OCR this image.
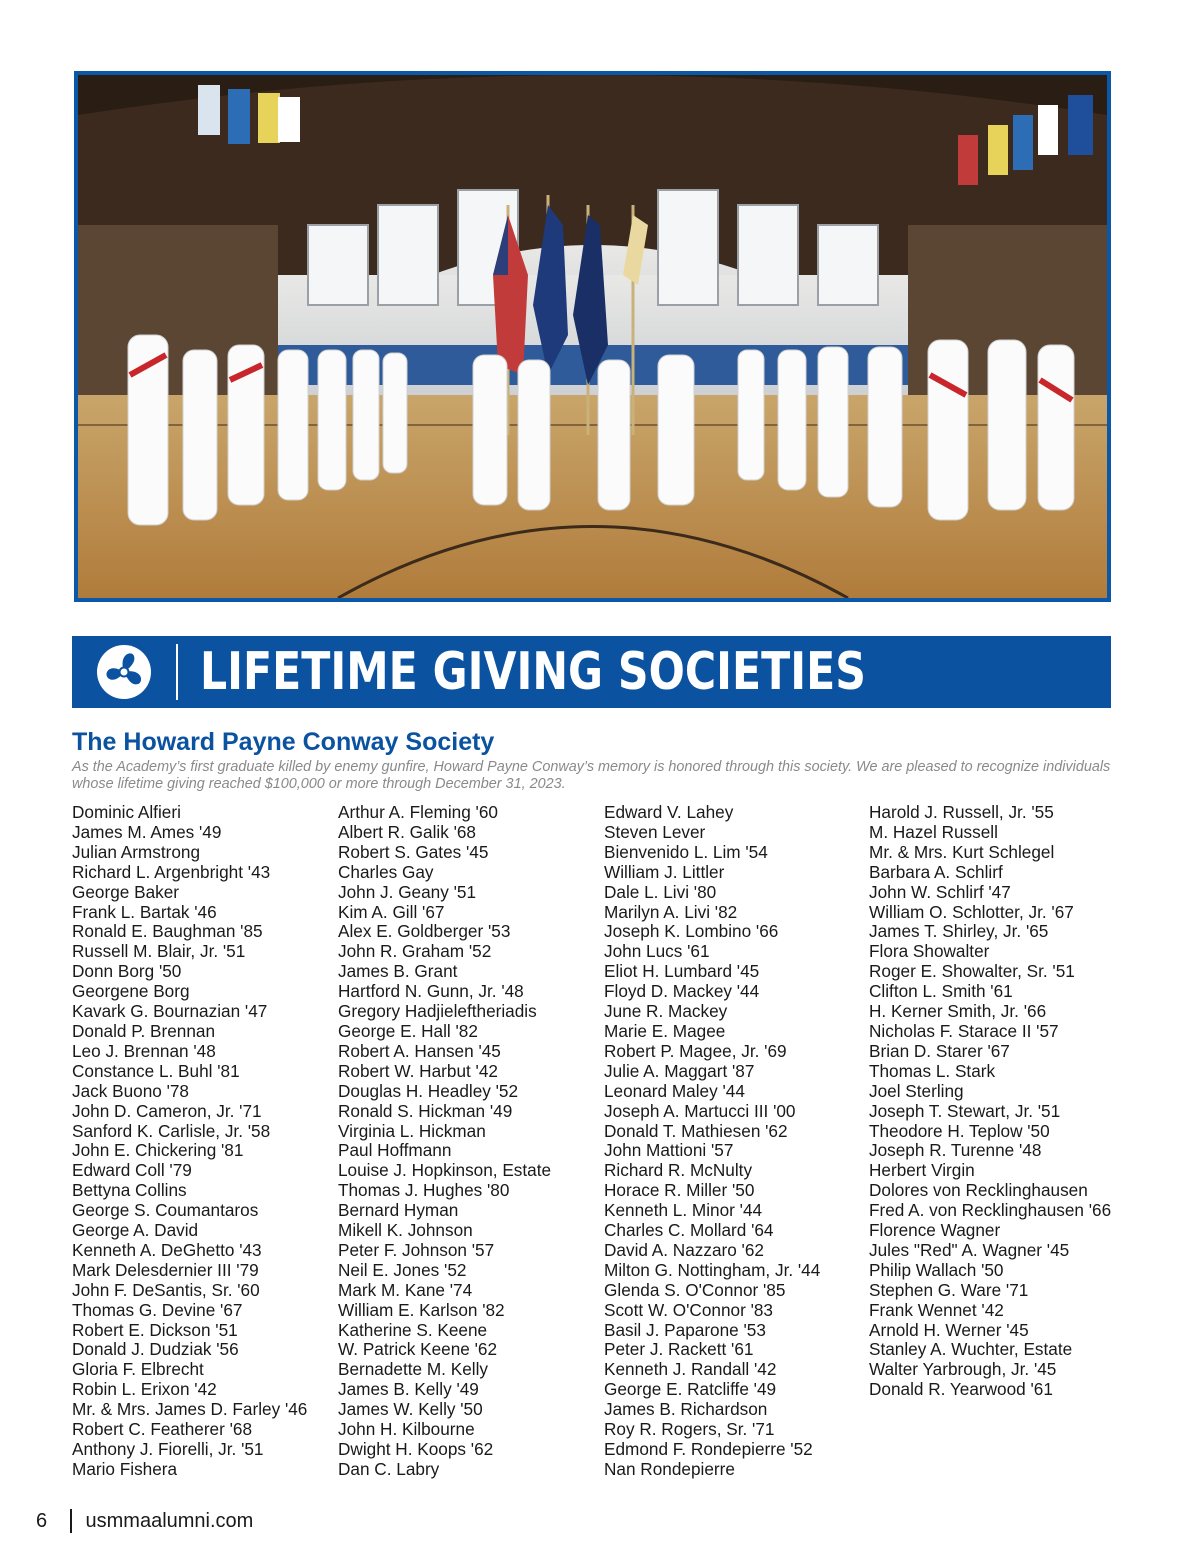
LIFETIME GIVING SOCIETIES
The Howard Payne Conway Society
As the Academy’s first graduate killed by enemy gunfire, Howard Payne Conway’s memory is honored through this society. We are pleased to recognize individuals whose lifetime giving reached $100,000 or more through December 31, 2023.
Dominic Alfieri
James M. Ames '49
Julian Armstrong
Richard L. Argenbright '43
George Baker
Frank L. Bartak '46
Ronald E. Baughman '85
Russell M. Blair, Jr. '51
Donn Borg '50
Georgene Borg
Kavark G. Bournazian '47
Donald P. Brennan
Leo J. Brennan '48
Constance L. Buhl '81
Jack Buono '78
John D. Cameron, Jr. '71
Sanford K. Carlisle, Jr. '58
John E. Chickering '81
Edward Coll '79
Bettyna Collins
George S. Coumantaros
George A. David
Kenneth A. DeGhetto '43
Mark Delesdernier III '79
John F. DeSantis, Sr. '60
Thomas G. Devine '67
Robert E. Dickson '51
Donald J. Dudziak '56
Gloria F. Elbrecht
Robin L. Erixon '42
Mr. & Mrs. James D. Farley '46
Robert C. Featherer '68
Anthony J. Fiorelli, Jr. '51
Mario Fishera
Arthur A. Fleming '60
Albert R. Galik '68
Robert S. Gates '45
Charles Gay
John J. Geany '51
Kim A. Gill '67
Alex E. Goldberger '53
John R. Graham '52
James B. Grant
Hartford N. Gunn, Jr. '48
Gregory Hadjieleftheriadis
George E. Hall '82
Robert A. Hansen '45
Robert W. Harbut '42
Douglas H. Headley '52
Ronald S. Hickman '49
Virginia L. Hickman
Paul Hoffmann
Louise J. Hopkinson, Estate
Thomas J. Hughes '80
Bernard Hyman
Mikell K. Johnson
Peter F. Johnson '57
Neil E. Jones '52
Mark M. Kane '74
William E. Karlson '82
Katherine S. Keene
W. Patrick Keene '62
Bernadette M. Kelly
James B. Kelly '49
James W. Kelly '50
John H. Kilbourne
Dwight H. Koops '62
Dan C. Labry
Edward V. Lahey
Steven Lever
Bienvenido L. Lim '54
William J. Littler
Dale L. Livi '80
Marilyn A. Livi '82
Joseph K. Lombino '66
John Lucs '61
Eliot H. Lumbard '45
Floyd D. Mackey '44
June R. Mackey
Marie E. Magee
Robert P. Magee, Jr. '69
Julie A. Maggart '87
Leonard Maley '44
Joseph A. Martucci III '00
Donald T. Mathiesen '62
John Mattioni '57
Richard R. McNulty
Horace R. Miller '50
Kenneth L. Minor '44
Charles C. Mollard '64
David A. Nazzaro '62
Milton G. Nottingham, Jr. '44
Glenda S. O'Connor '85
Scott W. O'Connor '83
Basil J. Paparone '53
Peter J. Rackett '61
Kenneth J. Randall '42
George E. Ratcliffe '49
James B. Richardson
Roy R. Rogers, Sr. '71
Edmond F. Rondepierre '52
Nan Rondepierre
Harold J. Russell, Jr. '55
M. Hazel Russell
Mr. & Mrs. Kurt Schlegel
Barbara A. Schlirf
John W. Schlirf '47
William O. Schlotter, Jr. '67
James T. Shirley, Jr. '65
Flora Showalter
Roger E. Showalter, Sr. '51
Clifton L. Smith '61
H. Kerner Smith, Jr. '66
Nicholas F. Starace II '57
Brian D. Starer '67
Thomas L. Stark
Joel Sterling
Joseph T. Stewart, Jr. '51
Theodore H. Teplow '50
Joseph R. Turenne '48
Herbert Virgin
Dolores von Recklinghausen
Fred A. von Recklinghausen '66
Florence Wagner
Jules "Red" A. Wagner '45
Philip Wallach '50
Stephen G. Ware '71
Frank Wennet '42
Arnold H. Werner '45
Stanley A. Wuchter, Estate
Walter Yarbrough, Jr. '45
Donald R. Yearwood '61
6	usmmaalumni.com
